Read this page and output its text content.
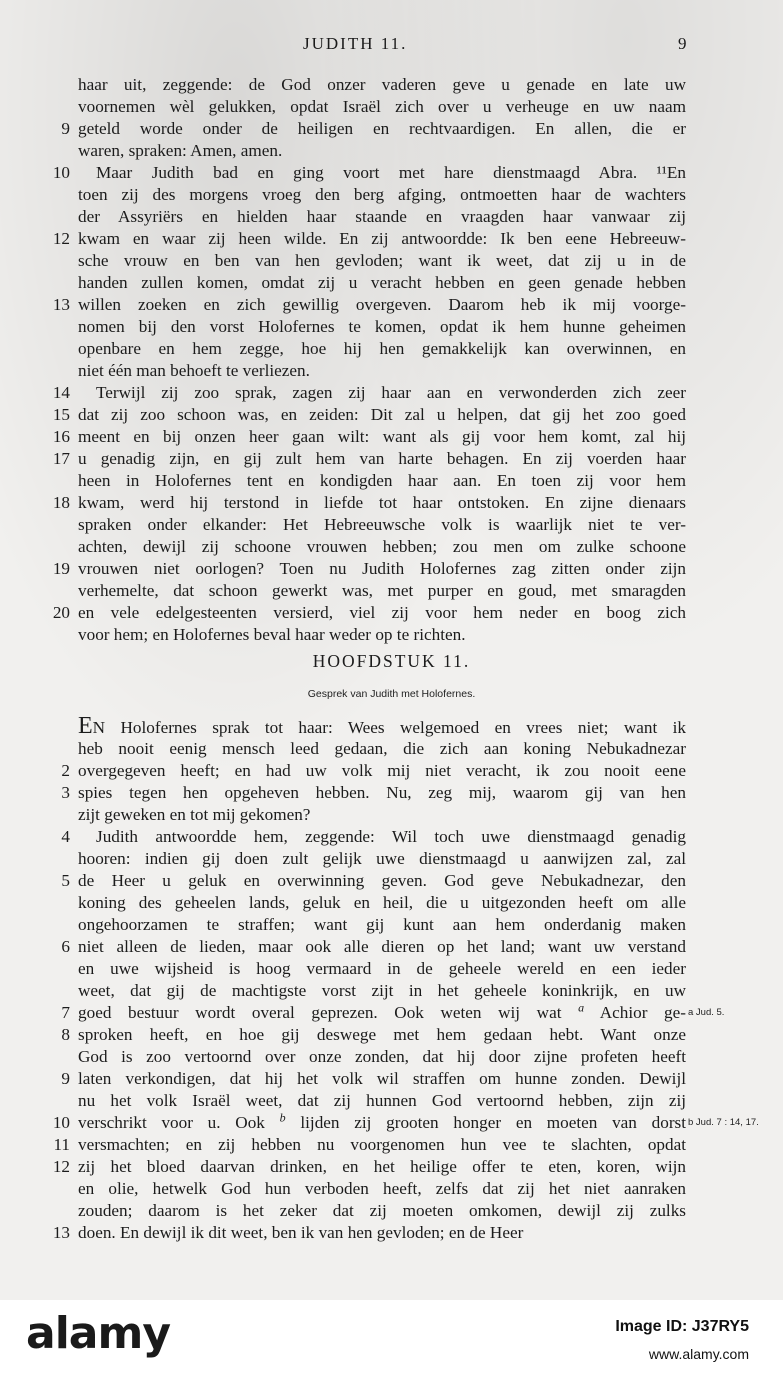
JUDITH 11.	9
haar uit, zeggende: de God onzer vaderen geve u genade en late uw
voornemen wèl gelukken, opdat Israël zich over u verheuge en uw naam
9 geteld worde onder de heiligen en rechtvaardigen. En allen, die er
waren, spraken: Amen, amen.
10 Maar Judith bad en ging voort met hare dienstmaagd Abra. ¹¹En
toen zij des morgens vroeg den berg afging, ontmoetten haar de wachters
der Assyriërs en hielden haar staande en vraagden haar vanwaar zij
12 kwam en waar zij heen wilde. En zij antwoordde: Ik ben eene Hebreeuw-
sche vrouw en ben van hen gevloden; want ik weet, dat zij u in de
handen zullen komen, omdat zij u veracht hebben en geen genade hebben
13 willen zoeken en zich gewillig overgeven. Daarom heb ik mij voorge-
nomen bij den vorst Holofernes te komen, opdat ik hem hunne geheimen
openbare en hem zegge, hoe hij hen gemakkelijk kan overwinnen, en
niet één man behoeft te verliezen.
14 Terwijl zij zoo sprak, zagen zij haar aan en verwonderden zich zeer
15 dat zij zoo schoon was, en zeiden: Dit zal u helpen, dat gij het zoo goed
16 meent en bij onzen heer gaan wilt: want als gij voor hem komt, zal hij
17 u genadig zijn, en gij zult hem van harte behagen. En zij voerden haar
heen in Holofernes tent en kondigden haar aan. En toen zij voor hem
18 kwam, werd hij terstond in liefde tot haar ontstoken. En zijne dienaars
spraken onder elkander: Het Hebreeuwsche volk is waarlijk niet te ver-
achten, dewijl zij schoone vrouwen hebben; zou men om zulke schoone
19 vrouwen niet oorlogen? Toen nu Judith Holofernes zag zitten onder zijn
verhemelte, dat schoon gewerkt was, met purper en goud, met smaragden
20 en vele edelgesteenten versierd, viel zij voor hem neder en boog zich
voor hem; en Holofernes beval haar weder op te richten.
HOOFDSTUK 11.
Gesprek van Judith met Holofernes.
EN Holofernes sprak tot haar: Wees welgemoed en vrees niet; want ik
heb nooit eenig mensch leed gedaan, die zich aan koning Nebukadnezar
2 overgegeven heeft; en had uw volk mij niet veracht, ik zou nooit eene
3 spies tegen hen opgeheven hebben. Nu, zeg mij, waarom gij van hen
zijt geweken en tot mij gekomen?
4 Judith antwoordde hem, zeggende: Wil toch uwe dienstmaagd genadig
hooren: indien gij doen zult gelijk uwe dienstmaagd u aanwijzen zal, zal
5 de Heer u geluk en overwinning geven. God geve Nebukadnezar, den
koning des geheelen lands, geluk en heil, die u uitgezonden heeft om alle
ongehoorzamen te straffen; want gij kunt aan hem onderdanig maken
6 niet alleen de lieden, maar ook alle dieren op het land; want uw verstand
en uwe wijsheid is hoog vermaard in de geheele wereld en een ieder
weet, dat gij de machtigste vorst zijt in het geheele koninkrijk, en uw
7 goed bestuur wordt overal geprezen. Ook weten wij wat $^a$ Achior ge- a Jud. 5.
8 sproken heeft, en hoe gij deswege met hem gedaan hebt. Want onze
God is zoo vertoornd over onze zonden, dat hij door zijne profeten heeft
9 laten verkondigen, dat hij het volk wil straffen om hunne zonden. Dewijl
nu het volk Israël weet, dat zij hunnen God vertoornd hebben, zijn zij
10 verschrikt voor u. Ook $^b$ lijden zij grooten honger en moeten van dorst b Jud. 7 : 14, 17.
11 versmachten; en zij hebben nu voorgenomen hun vee te slachten, opdat
12 zij het bloed daarvan drinken, en het heilige offer te eten, koren, wijn
en olie, hetwelk God hun verboden heeft, zelfs dat zij het niet aanraken
zouden; daarom is het zeker dat zij moeten omkomen, dewijl zij zulks
13 doen. En dewijl ik dit weet, ben ik van hen gevloden; en de Heer
alamy	Image ID: J37RY5
www.alamy.com
